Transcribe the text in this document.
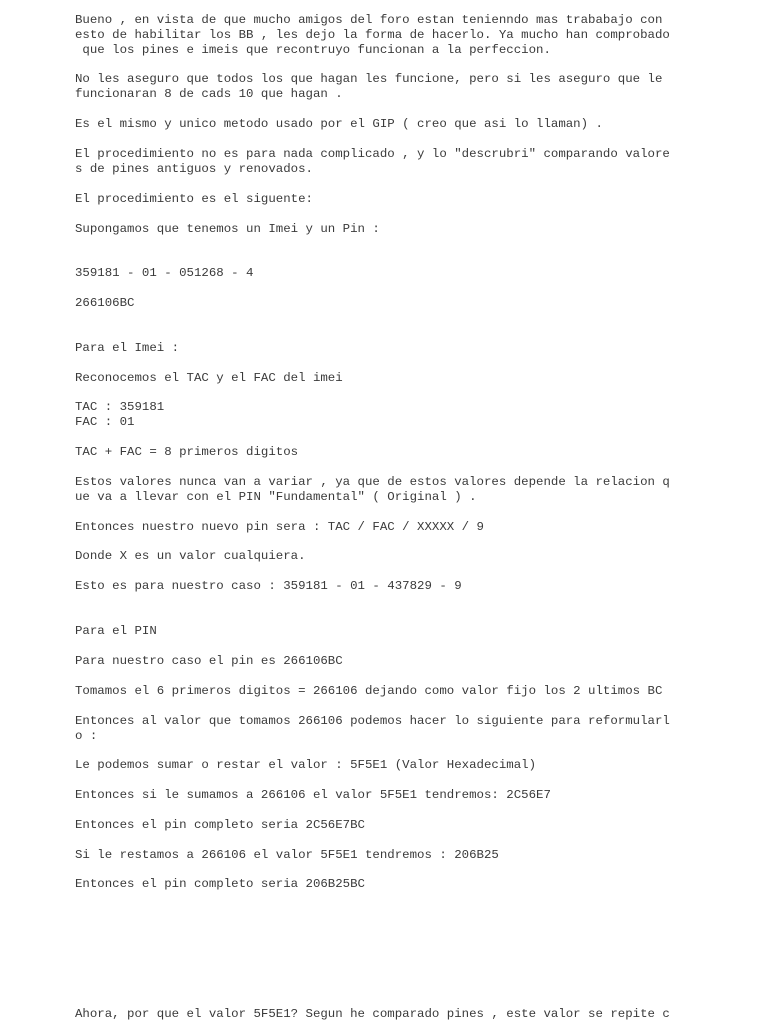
Bueno , en vista de que mucho amigos del foro estan tenienndo mas trababajo con

esto de habilitar los BB , les dejo la forma de hacerlo. Ya mucho han comprobado

que los pines e imeis que recontruyo funcionan a la perfeccion.

No les aseguro que todos los que hagan les funcione, pero si les aseguro que le

funcionaran 8 de cads 10 que hagan .

Es el mismo y unico metodo usado por el GIP ( creo que asi lo llaman) .

El procedimiento no es para nada complicado , y lo "descrubri" comparando valore

s de pines antiguos y renovados.

El procedimiento es el siguente:

Supongamos que tenemos un Imei y un Pin :

359181 - 01 - 051268 - 4

266106BC

Para el Imei :

Reconocemos el TAC y el FAC del imei

TAC : 359181

FAC : 01

TAC + FAC = 8 primeros digitos

Estos valores nunca van a variar , ya que de estos valores depende la relacion q

ue va a llevar con el PIN "Fundamental" ( Original ) .

Entonces nuestro nuevo pin sera : TAC / FAC / XXXXX / 9

Donde X es un valor cualquiera.

Esto es para nuestro caso : 359181 - 01 - 437829 - 9

Para el PIN

Para nuestro caso el pin es 266106BC

Tomamos el 6 primeros digitos = 266106 dejando como valor fijo los 2 ultimos BC

Entonces al valor que tomamos 266106 podemos hacer lo siguiente para reformularl

o :

Le podemos sumar o restar el valor : 5F5E1 (Valor Hexadecimal)

Entonces si le sumamos a 266106 el valor 5F5E1 tendremos: 2C56E7

Entonces el pin completo seria 2C56E7BC

Si le restamos a 266106 el valor 5F5E1 tendremos : 206B25

Entonces el pin completo seria 206B25BC

Ahora, por que el valor 5F5E1? Segun he comparado pines , este valor se repite c
